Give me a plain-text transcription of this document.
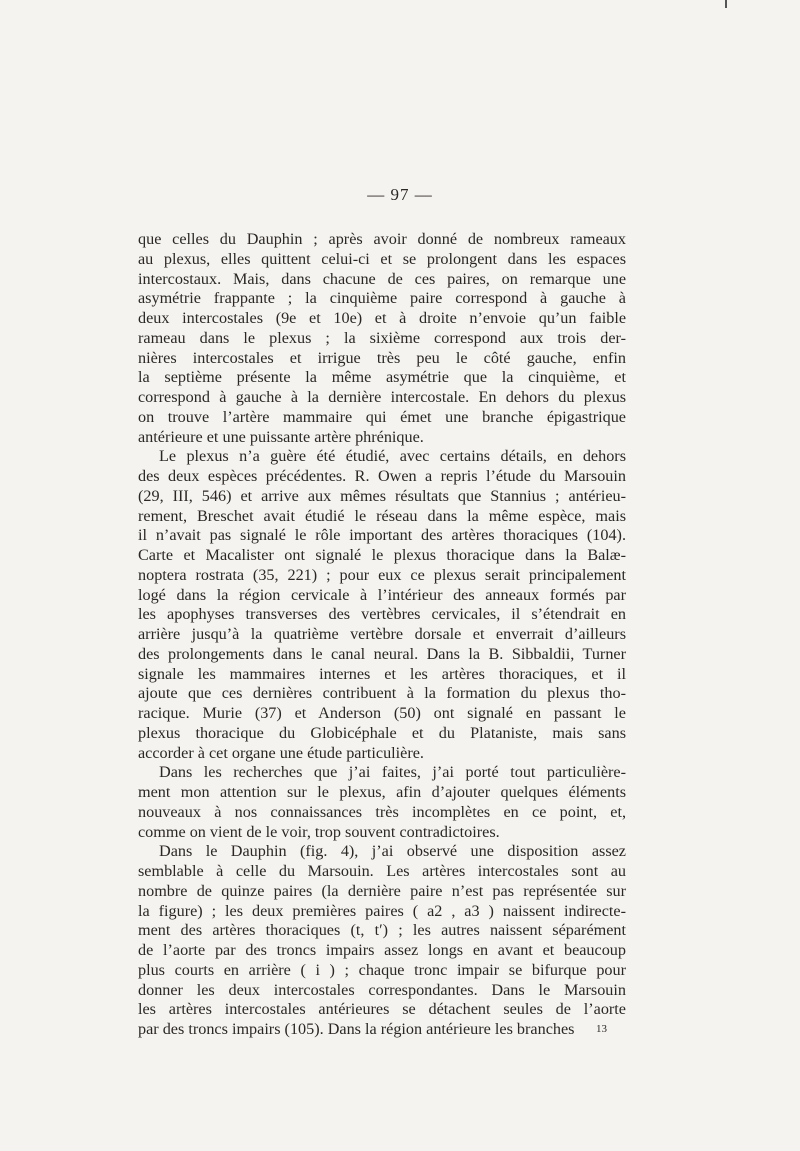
— 97 —
que celles du Dauphin ; après avoir donné de nombreux rameaux
au plexus, elles quittent celui-ci et se prolongent dans les espaces
intercostaux. Mais, dans chacune de ces paires, on remarque une
asymétrie frappante ; la cinquième paire correspond à gauche à
deux intercostales (9e et 10e) et à droite n’envoie qu’un faible
rameau dans le plexus ; la sixième correspond aux trois der-
nières intercostales et irrigue très peu le côté gauche, enfin
la septième présente la même asymétrie que la cinquième, et
correspond à gauche à la dernière intercostale. En dehors du plexus
on trouve l’artère mammaire qui émet une branche épigastrique
antérieure et une puissante artère phrénique.
Le plexus n’a guère été étudié, avec certains détails, en dehors
des deux espèces précédentes. R. Owen a repris l’étude du Marsouin
(29, III, 546) et arrive aux mêmes résultats que Stannius ; antérieu-
rement, Breschet avait étudié le réseau dans la même espèce, mais
il n’avait pas signalé le rôle important des artères thoraciques (104).
Carte et Macalister ont signalé le plexus thoracique dans la Balæ-
noptera rostrata (35, 221) ; pour eux ce plexus serait principalement
logé dans la région cervicale à l’intérieur des anneaux formés par
les apophyses transverses des vertèbres cervicales, il s’étendrait en
arrière jusqu’à la quatrième vertèbre dorsale et enverrait d’ailleurs
des prolongements dans le canal neural. Dans la B. Sibbaldii, Turner
signale les mammaires internes et les artères thoraciques, et il
ajoute que ces dernières contribuent à la formation du plexus tho-
racique. Murie (37) et Anderson (50) ont signalé en passant le
plexus thoracique du Globicéphale et du Plataniste, mais sans
accorder à cet organe une étude particulière.
Dans les recherches que j’ai faites, j’ai porté tout particulière-
ment mon attention sur le plexus, afin d’ajouter quelques éléments
nouveaux à nos connaissances très incomplètes en ce point, et,
comme on vient de le voir, trop souvent contradictoires.
Dans le Dauphin (fig. 4), j’ai observé une disposition assez
semblable à celle du Marsouin. Les artères intercostales sont au
nombre de quinze paires (la dernière paire n’est pas représentée sur
la figure) ; les deux premières paires ( a2 , a3 ) naissent indirecte-
ment des artères thoraciques (t, t′) ; les autres naissent séparément
de l’aorte par des troncs impairs assez longs en avant et beaucoup
plus courts en arrière ( i ) ; chaque tronc impair se bifurque pour
donner les deux intercostales correspondantes. Dans le Marsouin
les artères intercostales antérieures se détachent seules de l’aorte
par des troncs impairs (105). Dans la région antérieure les branches	13
